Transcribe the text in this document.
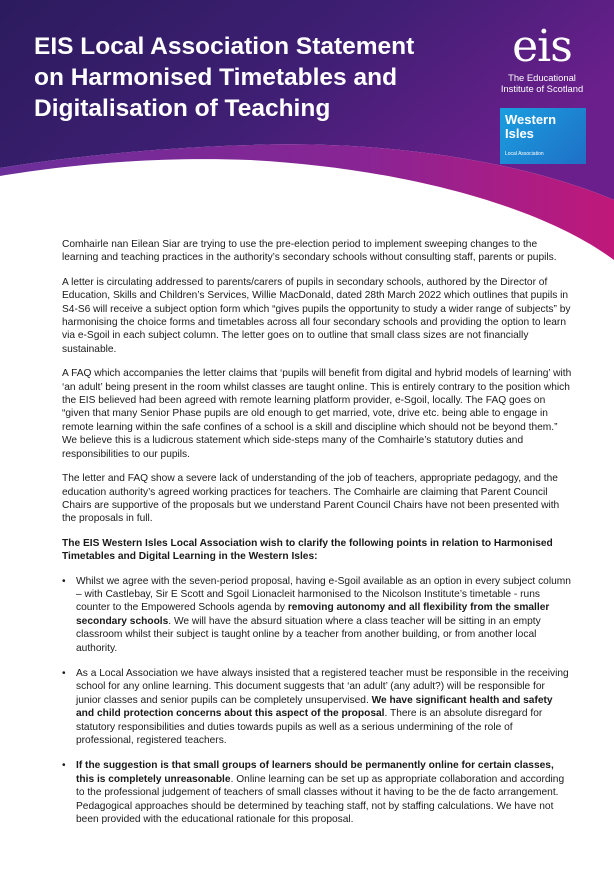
EIS Local Association Statement
on Harmonised Timetables and
Digitalisation of Teaching
eis
The Educational
Institute of Scotland
Western
Isles
Local Association

Comhairle nan Eilean Siar are trying to use the pre-election period to implement sweeping changes to the learning and teaching practices in the authority’s secondary schools without consulting staff, parents or pupils.

A letter is circulating addressed to parents/carers of pupils in secondary schools, authored by the Director of Education, Skills and Children’s Services, Willie MacDonald, dated 28th March 2022 which outlines that pupils in S4-S6 will receive a subject option form which “gives pupils the opportunity to study a wider range of subjects” by harmonising the choice forms and timetables across all four secondary schools and providing the option to learn via e-Sgoil in each subject column. The letter goes on to outline that small class sizes are not financially sustainable.

A FAQ which accompanies the letter claims that ‘pupils will benefit from digital and hybrid models of learning’ with ‘an adult’ being present in the room whilst classes are taught online. This is entirely contrary to the position which the EIS believed had been agreed with remote learning platform provider, e-Sgoil, locally. The FAQ goes on “given that many Senior Phase pupils are old enough to get married, vote, drive etc. being able to engage in remote learning within the safe confines of a school is a skill and discipline which should not be beyond them.” We believe this is a ludicrous statement which side-steps many of the Comhairle’s statutory duties and responsibilities to our pupils.

The letter and FAQ show a severe lack of understanding of the job of teachers, appropriate pedagogy, and the education authority’s agreed working practices for teachers. The Comhairle are claiming that Parent Council Chairs are supportive of the proposals but we understand Parent Council Chairs have not been presented with the proposals in full.

The EIS Western Isles Local Association wish to clarify the following points in relation to Harmonised Timetables and Digital Learning in the Western Isles:

• Whilst we agree with the seven-period proposal, having e-Sgoil available as an option in every subject column – with Castlebay, Sir E Scott and Sgoil Lionacleit harmonised to the Nicolson Institute’s timetable - runs counter to the Empowered Schools agenda by removing autonomy and all flexibility from the smaller secondary schools. We will have the absurd situation where a class teacher will be sitting in an empty classroom whilst their subject is taught online by a teacher from another building, or from another local authority.
• As a Local Association we have always insisted that a registered teacher must be responsible in the receiving school for any online learning. This document suggests that ‘an adult’ (any adult?) will be responsible for junior classes and senior pupils can be completely unsupervised. We have significant health and safety and child protection concerns about this aspect of the proposal. There is an absolute disregard for statutory responsibilities and duties towards pupils as well as a serious undermining of the role of professional, registered teachers.
• If the suggestion is that small groups of learners should be permanently online for certain classes, this is completely unreasonable. Online learning can be set up as appropriate collaboration and according to the professional judgement of teachers of small classes without it having to be the de facto arrangement. Pedagogical approaches should be determined by teaching staff, not by staffing calculations. We have not been provided with the educational rationale for this proposal.
